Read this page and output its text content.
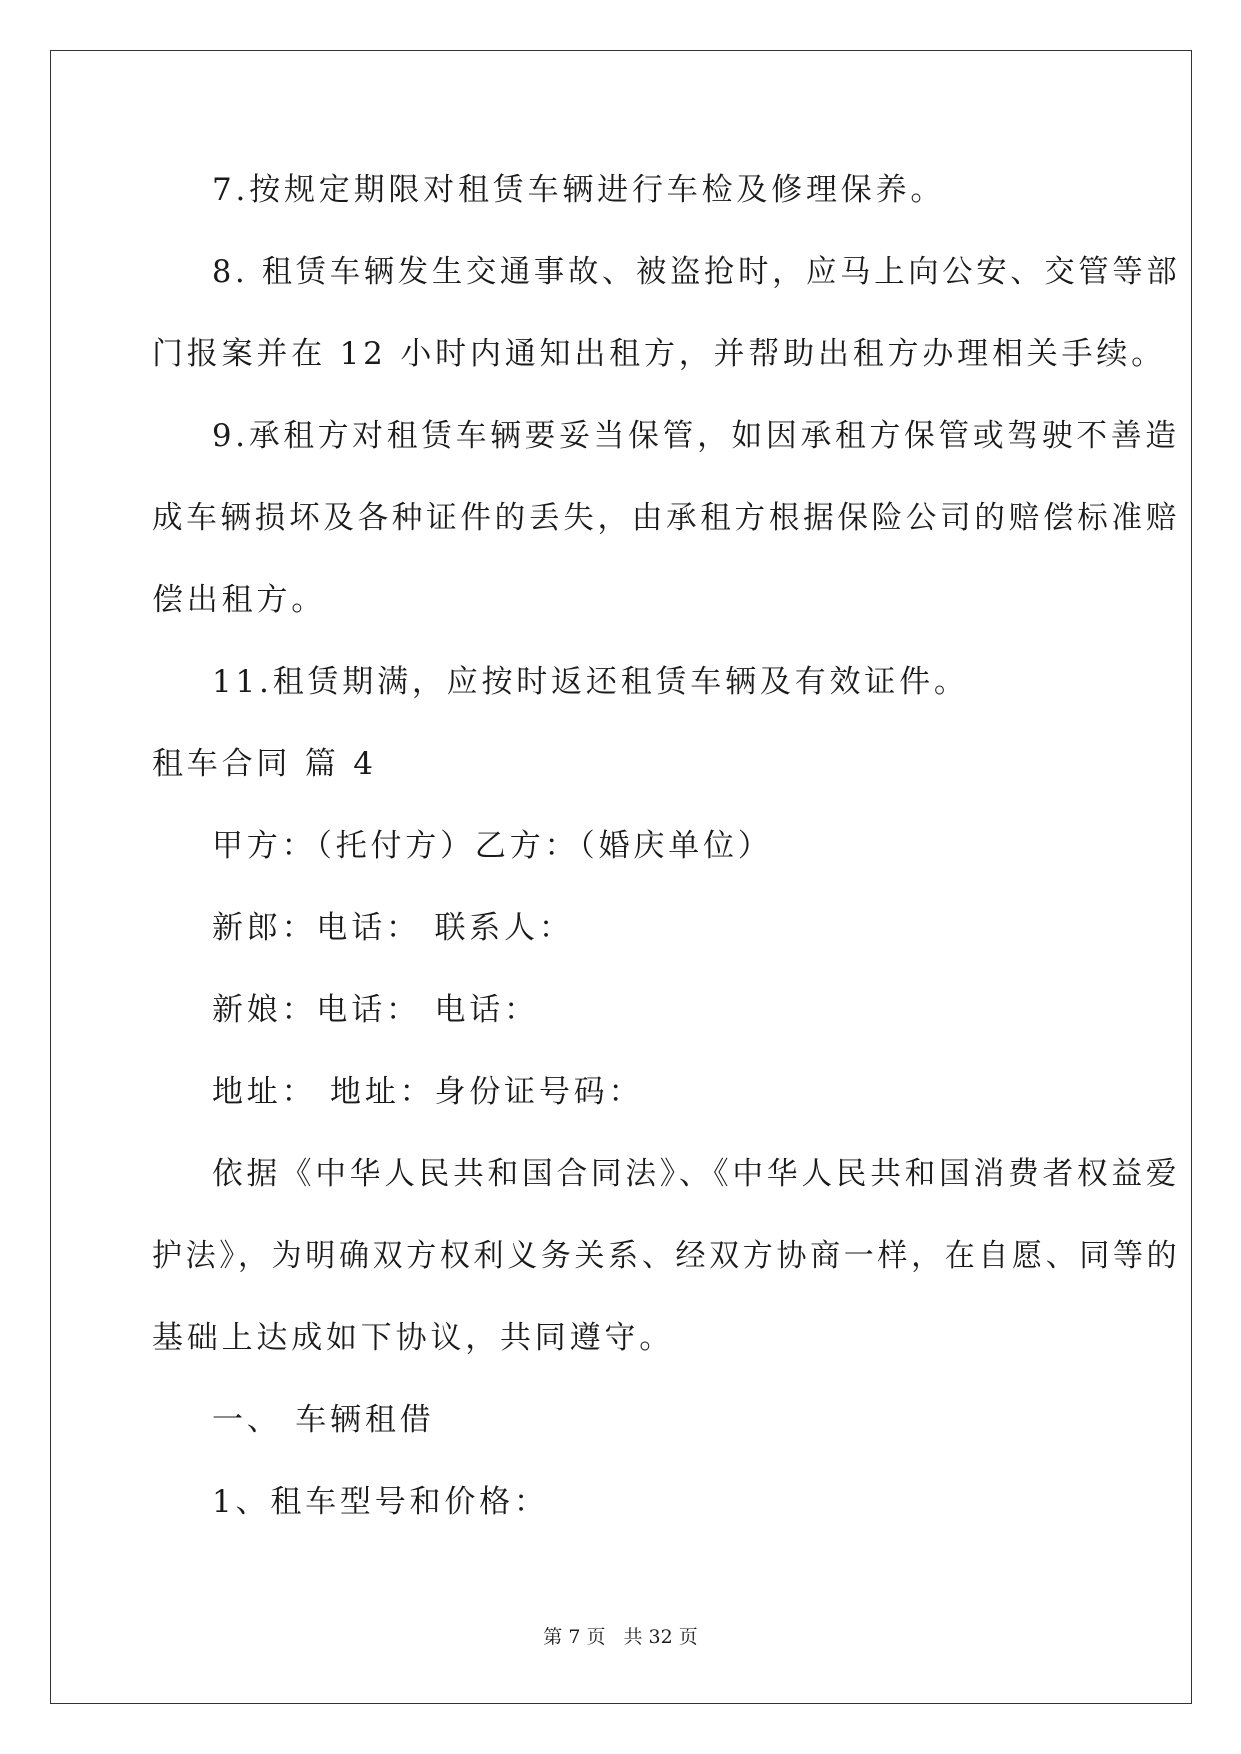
7.按规定期限对租赁车辆进行车检及修理保养。
8. 租赁车辆发生交通事故、被盗抢时，应马上向公安、交管等部
门报案并在 12 小时内通知出租方，并帮助出租方办理相关手续。
9.承租方对租赁车辆要妥当保管，如因承租方保管或驾驶不善造
成车辆损坏及各种证件的丢失，由承租方根据保险公司的赔偿标准赔
偿出租方。
11.租赁期满，应按时返还租赁车辆及有效证件。
租车合同 篇 4
甲方：（托付方）乙方：（婚庆单位）
新郎：电话： 联系人：
新娘：电话： 电话：
地址： 地址：身份证号码：
依据《中华人民共和国合同法》、《中华人民共和国消费者权益爱
护法》，为明确双方权利义务关系、经双方协商一样，在自愿、同等的
基础上达成如下协议，共同遵守。
一、 车辆租借
1、租车型号和价格：
第 7 页 共 32 页
